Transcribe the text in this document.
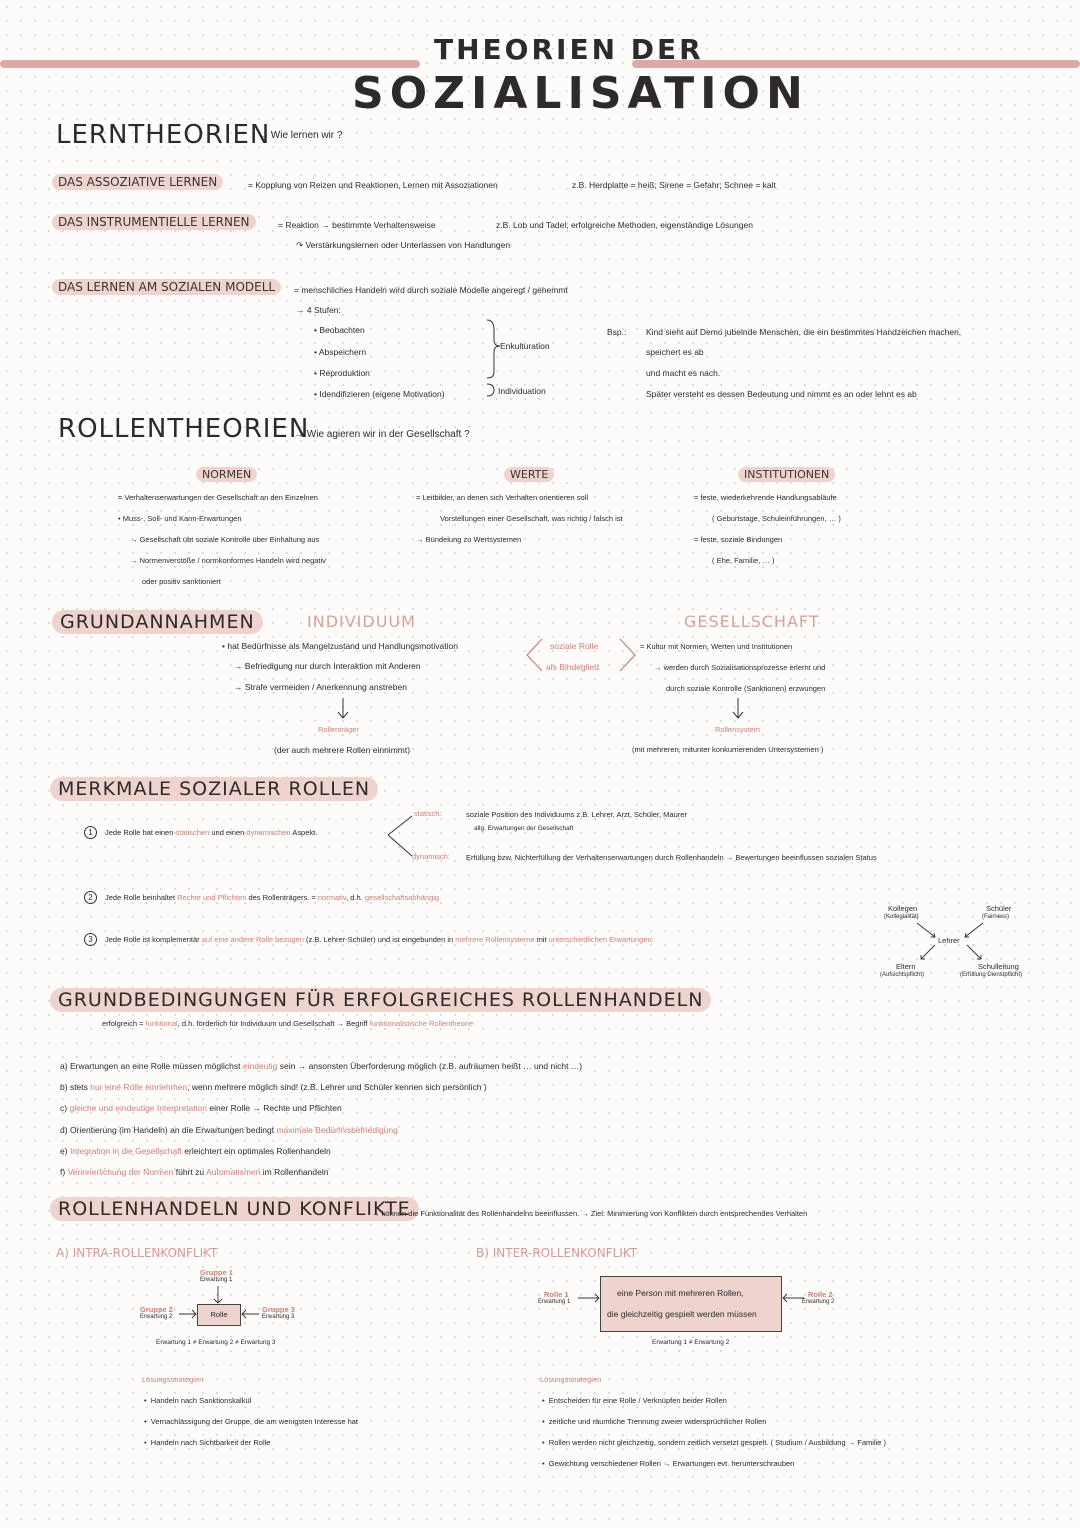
THEORIEN DER
SOZIALISATION
LERNTHEORIEN
→ Wie lernen wir ?
DAS ASSOZIATIVE LERNEN	= Kopplung von Reizen und Reaktionen, Lernen mit Assoziationen	z.B. Herdplatte = heiß; Sirene = Gefahr; Schnee = kalt
DAS INSTRUMENTIELLE LERNEN	= Reaktion → bestimmte Verhaltensweise	z.B. Lob und Tadel; erfolgreiche Methoden, eigenständige Lösungen
↷ Verstärkungslernen oder Unterlassen von Handlungen
DAS LERNEN AM SOZIALEN MODELL	= menschliches Handeln wird durch soziale Modelle angeregt / gehemmt
→ 4 Stufen:
• Beobachten
• Abspeichern
• Reproduktion
• Idendifizieren (eigene Motivation)
Enkulturation
Individuation
Bsp.: Kind sieht auf Demo jubelnde Menschen, die ein bestimmtes Handzeichen machen,
speichert es ab
und macht es nach.
Später versteht es dessen Bedeutung und nimmt es an oder lehnt es ab
ROLLENTHEORIEN
→ Wie agieren wir in der Gesellschaft ?
NORMEN
= Verhaltenserwartungen der Gesellschaft an den Einzelnen
• Muss-, Soll- und Kann-Erwartungen
→ Gesellschaft übt soziale Kontrolle über Einhaltung aus
→ Normenverstöße / normkonformes Handeln wird negativ
oder positiv sanktioniert
WERTE
= Leitbilder, an denen sich Verhalten orientieren soll
Vorstellungen einer Gesellschaft, was richtig / falsch ist
→ Bündelung zu Wertsystemen
INSTITUTIONEN
= feste, wiederkehrende Handlungsabläufe
( Geburtstage, Schuleinführungen, … )
= feste, soziale Bindungen
( Ehe, Familie, … )
GRUNDANNAHMEN	INDIVIDUUM
• hat Bedürfnisse als Mangelzustand und Handlungsmotivation
→ Befriedigung nur durch Interaktion mit Anderen
→ Strafe vermeiden / Anerkennung anstreben
Rollenträger
(der auch mehrere Rollen einnimmt)
soziale Rolle
als Bindeglied
GESELLSCHAFT
= Kultur mit Normen, Werten und Institutionen
→ werden durch Sozialisationsprozesse erlernt und
durch soziale Kontrolle (Sanktionen) erzwungen
Rollensystem
(mit mehreren, mitunter konkurrierenden Untersystemen )
MERKMALE SOZIALER ROLLEN
1 Jede Rolle hat einen statischen und einen dynamischen Aspekt.
statisch:	soziale Position des Individuums z.B. Lehrer, Arzt, Schüler, Maurer
allg. Erwartungen der Gesellschaft
dynamisch: Erfüllung bzw. Nichterfüllung der Verhaltenserwartungen durch Rollenhandeln → Bewertungen beeinflussen sozialen Status
2 Jede Rolle beinhaltet Rechte und Pflichten des Rollenträgers. = normativ, d.h. gesellschaftsabhängig
3 Jede Rolle ist komplementär auf eine andere Rolle bezogen (z.B. Lehrer-Schüler) und ist eingebunden in mehrere Rollensysteme mit unterschiedlichen Erwartungen:	Lehrer
Kollegen
(Kollegialität)
Schüler
(Fairness)
Eltern
(Aufsichtspflicht)
Schulleitung
(Erfüllung Dienstpflicht)
GRUNDBEDINGUNGEN FÜR ERFOLGREICHES ROLLENHANDELN
erfolgreich = funktional, d.h. förderlich für Individuum und Gesellschaft → Begriff funktionalistische Rollentheorie
a) Erwartungen an eine Rolle müssen möglichst eindeutig sein → ansonsten Überforderung möglich (z.B. aufräumen heißt … und nicht …)
b) stets nur eine Rolle einnehmen, wenn mehrere möglich sind! (z.B. Lehrer und Schüler kennen sich persönlich )
c) gleiche und eindeutige Interpretation einer Rolle → Rechte und Pflichten
d) Orientierung (im Handeln) an die Erwartungen bedingt maximale Bedürfnisbefriedigung
e) Integration in die Gesellschaft erleichtert ein optimales Rollenhandeln
f) Verinnerlichung der Normen führt zu Automatismen im Rollenhandeln
ROLLENHANDELN UND KONFLIKTE
→ können die Funktionalität des Rollenhandelns beeinflussen. → Ziel: Minimierung von Konflikten durch entsprechendes Verhalten
A) INTRA-ROLLENKONFLIKT
Gruppe 1
Erwartung 1
Gruppe 2
Erwartung 2	Rolle
Gruppe 3
Erwartung 3
Erwartung 1 ≠ Erwartung 2 ≠ Erwartung 3
Lösungsstrategien
•  Handeln nach Sanktionskalkül
•  Vernachlässigung der Gruppe, die am wenigsten Interesse hat
•  Handeln nach Sichtbarkeit der Rolle
B) INTER-ROLLENKONFLIKT
Rolle 1
Erwartung 1
eine Person mit mehreren Rollen,
die gleichzeitig gespielt werden müssen
Rolle 2
Erwartung 2
Erwartung 1 ≠ Erwartung 2
Lösungsstrategien
•  Entscheiden für eine Rolle / Verknüpfen beider Rollen
•  zeitliche und räumliche Trennung zweier widersprüchlicher Rollen
•  Rollen werden nicht gleichzeitig, sondern zeitlich versetzt gespielt. ( Studium / Ausbildung → Familie )
•  Gewichtung verschiedener Rollen → Erwartungen evt. herunterschrauben
